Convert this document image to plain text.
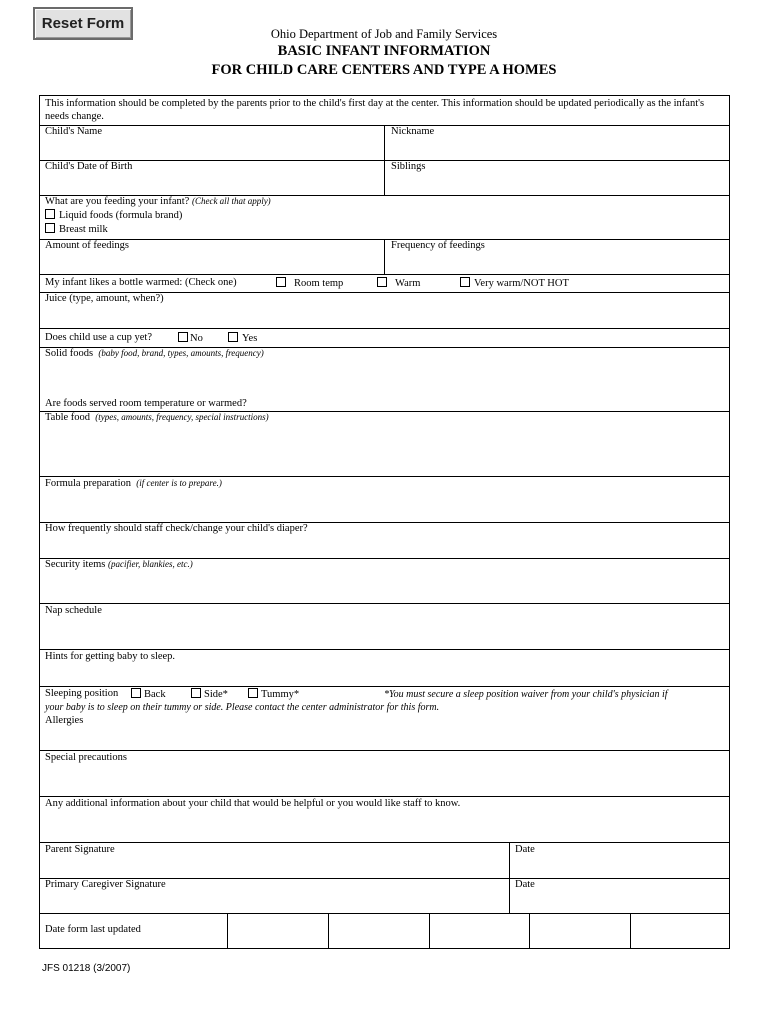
Reset Form
Ohio Department of Job and Family Services
BASIC INFANT INFORMATION
FOR CHILD CARE CENTERS AND TYPE A HOMES
This information should be completed by the parents prior to the child's first day at the center. This information should be updated periodically as the infant's needs change.
Child's Name	Nickname
Child's Date of Birth	Siblings
What are you feeding your infant? (Check all that apply)
Liquid foods (formula brand)
Breast milk
Amount of feedings	Frequency of feedings
My infant likes a bottle warmed: (Check one)	Room temp	Warm	Very warm/NOT HOT
Juice (type, amount, when?)
Does child use a cup yet?	No	Yes
Solid foods (baby food, brand, types, amounts, frequency)
Are foods served room temperature or warmed?
Table food (types, amounts, frequency, special instructions)
Formula preparation (if center is to prepare.)
How frequently should staff check/change your child's diaper?
Security items (pacifier, blankies, etc.)
Nap schedule
Hints for getting baby to sleep.
Sleeping position	Back	Side*	Tummy*	*You must secure a sleep position waiver from your child's physician if
your baby is to sleep on their tummy or side. Please contact the center administrator for this form.
Allergies
Special precautions
Any additional information about your child that would be helpful or you would like staff to know.
Parent Signature	Date
Primary Caregiver Signature	Date
Date form last updated
JFS 01218 (3/2007)
